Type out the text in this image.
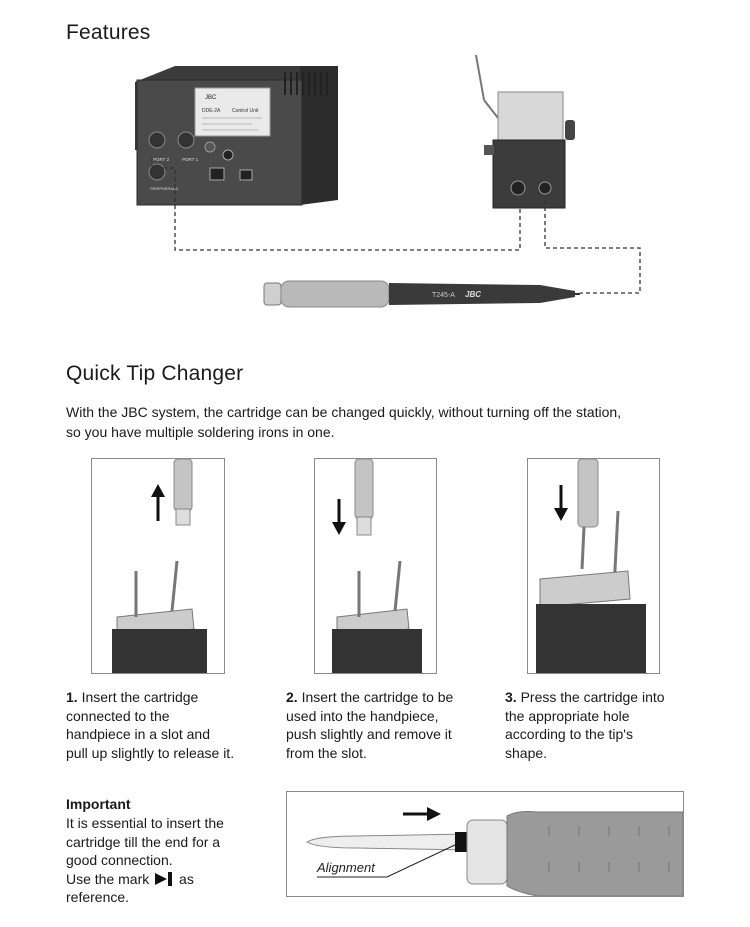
Features
JBC
DDE-2A Control Unit
PORT 2	PORT 1
PERIPHERALS
T245-A JBC
Quick Tip Changer
With the JBC system, the cartridge can be changed quickly, without turning off the station,
so you have multiple soldering irons in one.
1. Insert the cartridge
connected to the
handpiece in a slot and
pull up slightly to release it.
2. Insert the cartridge to be
used into the handpiece,
push slightly and remove it
from the slot.
3. Press the cartridge into
the appropriate hole
according to the tip's
shape.
Important
It is essential to insert the
cartridge till the end for a
good connection.
Use the mark as
reference.
Alignment
